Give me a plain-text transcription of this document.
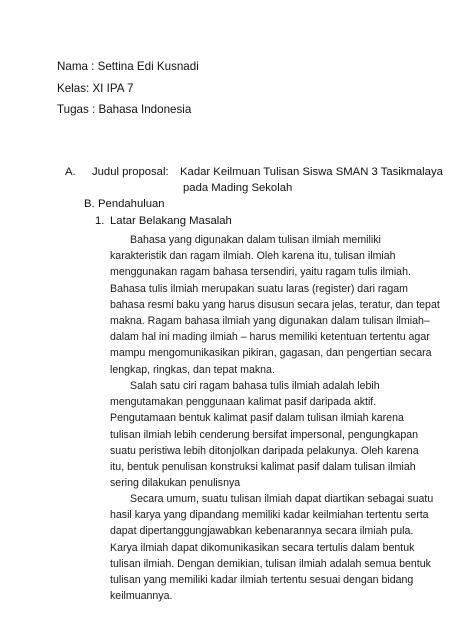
Nama : Settina Edi Kusnadi
Kelas: XI IPA 7
Tugas : Bahasa Indonesia
A. Judul proposal: Kadar Keilmuan Tulisan Siswa SMAN 3 Tasikmalaya
pada Mading Sekolah
B. Pendahuluan
1. Latar Belakang Masalah
Bahasa yang digunakan dalam tulisan ilmiah memiliki
karakteristik dan ragam ilmiah. Oleh karena itu, tulisan ilmiah
menggunakan ragam bahasa tersendiri, yaitu ragam tulis ilmiah.
Bahasa tulis ilmiah merupakan suatu laras (register) dari ragam
bahasa resmi baku yang harus disusun secara jelas, teratur, dan tepat
makna. Ragam bahasa ilmiah yang digunakan dalam tulisan ilmiah–
dalam hal ini mading ilmiah – harus memiliki ketentuan tertentu agar
mampu mengomunikasikan pikiran, gagasan, dan pengertian secara
lengkap, ringkas, dan tepat makna.
Salah satu ciri ragam bahasa tulis ilmiah adalah lebih
mengutamakan penggunaan kalimat pasif daripada aktif.
Pengutamaan bentuk kalimat pasif dalam tulisan ilmiah karena
tulisan ilmiah lebih cenderung bersifat impersonal, pengungkapan
suatu peristiwa lebih ditonjolkan daripada pelakunya. Oleh karena
itu, bentuk penulisan konstruksi kalimat pasif dalam tulisan ilmiah
sering dilakukan penulisnya
Secara umum, suatu tulisan ilmiah dapat diartikan sebagai suatu
hasil karya yang dipandang memiliki kadar keilmiahan tertentu serta
dapat dipertanggungjawabkan kebenarannya secara ilmiah pula.
Karya ilmiah dapat dikomunikasikan secara tertulis dalam bentuk
tulisan ilmiah. Dengan demikian, tulisan ilmiah adalah semua bentuk
tulisan yang memiliki kadar ilmiah tertentu sesuai dengan bidang
keilmuannya.
